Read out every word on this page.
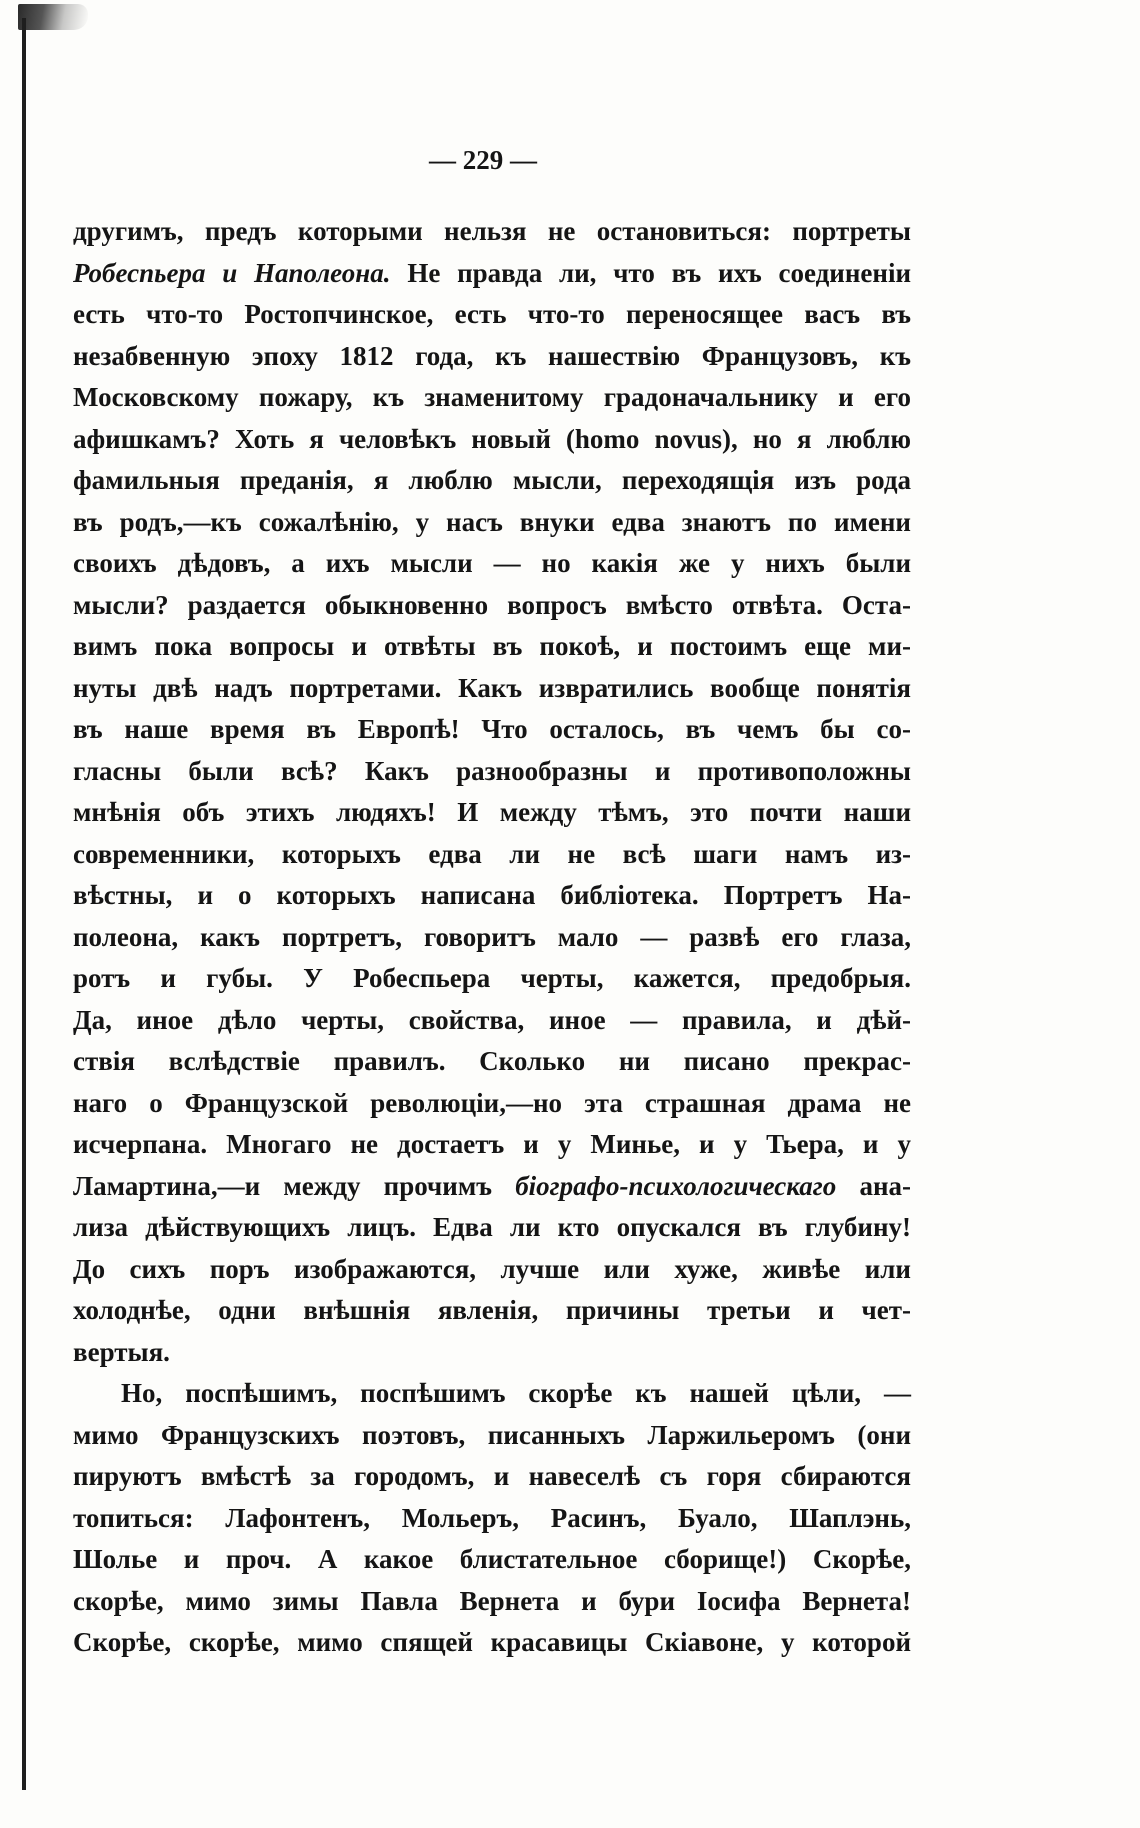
— 229 —
другимъ, предъ которыми нельзя не остановиться: портреты
Робеспьера и Наполеона. Не правда ли, что въ ихъ соединеніи
есть что-то Ростопчинское, есть что-то переносящее васъ въ
незабвенную эпоху 1812 года, къ нашествію Французовъ, къ
Московскому пожару, къ знаменитому градоначальнику и его
афишкамъ? Хоть я человѣкъ новый (homo novus), но я люблю
фамильныя преданія, я люблю мысли, переходящія изъ рода
въ родъ,—къ сожалѣнію, у насъ внуки едва знаютъ по имени
своихъ дѣдовъ, а ихъ мысли — но какія же у нихъ были
мысли? раздается обыкновенно вопросъ вмѣсто отвѣта. Оста-
вимъ пока вопросы и отвѣты въ покоѣ, и постоимъ еще ми-
нуты двѣ надъ портретами. Какъ извратились вообще понятія
въ наше время въ Европѣ! Что осталось, въ чемъ бы со-
гласны были всѣ? Какъ разнообразны и противоположны
мнѣнія объ этихъ людяхъ! И между тѣмъ, это почти наши
современники, которыхъ едва ли не всѣ шаги намъ из-
вѣстны, и о которыхъ написана библіотека. Портретъ На-
полеона, какъ портретъ, говоритъ мало — развѣ его глаза,
ротъ и губы. У Робеспьера черты, кажется, предобрыя.
Да, иное дѣло черты, свойства, иное — правила, и дѣй-
ствія вслѣдствіе правилъ. Сколько ни писано прекрас-
наго о Французской революціи,—но эта страшная драма не
исчерпана. Многаго не достаетъ и у Минье, и у Тьера, и у
Ламартина,—и между прочимъ біографо-психологическаго ана-
лиза дѣйствующихъ лицъ. Едва ли кто опускался въ глубину!
До сихъ поръ изображаются, лучше или хуже, живѣе или
холоднѣе, одни внѣшнія явленія, причины третьи и чет-
вертыя.
Но, поспѣшимъ, поспѣшимъ скорѣе къ нашей цѣли, —
мимо Французскихъ поэтовъ, писанныхъ Ларжильеромъ (они
пируютъ вмѣстѣ за городомъ, и навеселѣ съ горя сбираются
топиться: Лафонтенъ, Мольеръ, Расинъ, Буало, Шаплэнь,
Шолье и проч. А какое блистательное сборище!) Скорѣе,
скорѣе, мимо зимы Павла Вернета и бури Іосифа Вернета!
Скорѣе, скорѣе, мимо спящей красавицы Скіавоне, у которой
